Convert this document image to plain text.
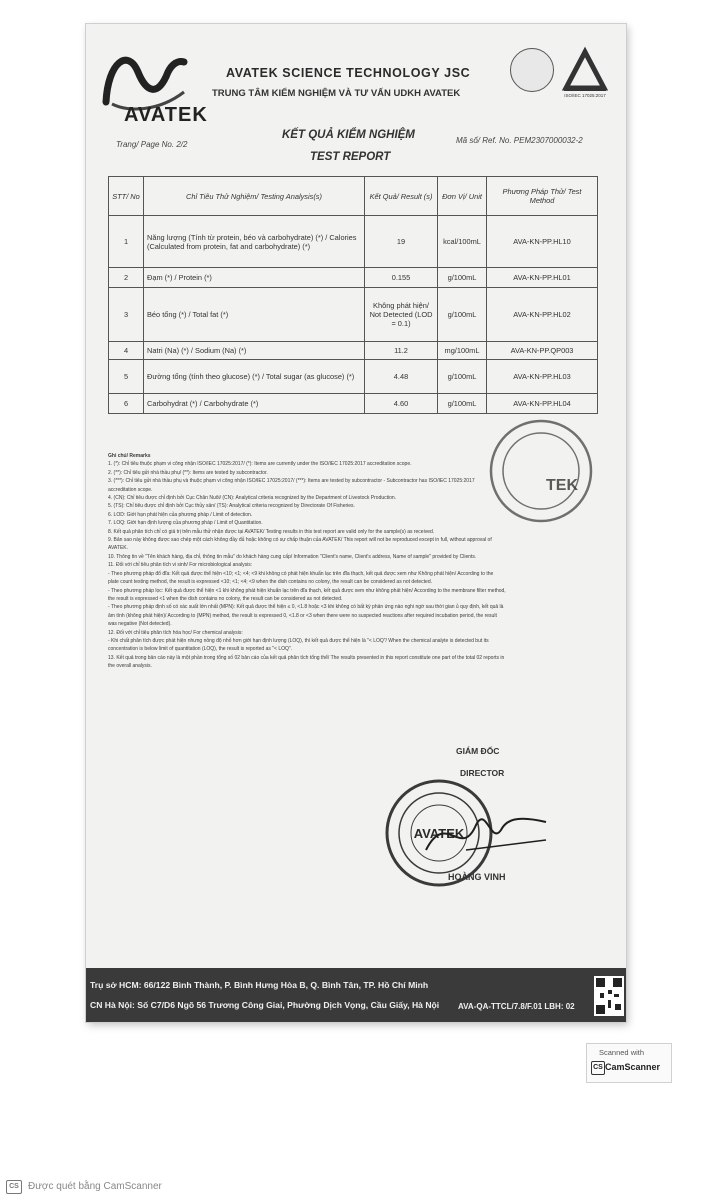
AVATEK
AVATEK SCIENCE TECHNOLOGY JSC
TRUNG TÂM KIỂM NGHIỆM VÀ TƯ VẤN UDKH AVATEK	ISO/IEC 17025:2017
Trang/ Page No. 2/2
KẾT QUẢ KIỂM NGHIỆM
TEST REPORT
Mã số/ Ref. No. PEM2307000032-2
STT/ No	Chỉ Tiêu Thử Nghiệm/ Testing Analysis(s)	Kết Quả/ Result (s)	Đơn Vị/ Unit	Phương Pháp Thử/ Test Method
1	Năng lượng (Tính từ protein, béo và carbohydrate) (*) / Calories (Calculated from protein, fat and carbohydrate) (*)	19	kcal/100mL	AVA-KN-PP.HL10
2	Đạm (*) / Protein (*)	0.155	g/100mL	AVA-KN-PP.HL01
3	Béo tổng (*) / Total fat (*)	Không phát hiện/ Not Detected (LOD = 0.1)	g/100mL	AVA-KN-PP.HL02
4	Natri (Na) (*) / Sodium (Na) (*)	11.2	mg/100mL	AVA-KN-PP.QP003
5	Đường tổng (tính theo glucose) (*) / Total sugar (as glucose) (*)	4.48	g/100mL	AVA-KN-PP.HL03
6	Carbohydrat (*) / Carbohydrate (*)	4.60	g/100mL	AVA-KN-PP.HL04
TEK
Ghi chú/ Remarks
1. (*): Chỉ tiêu thuộc phạm vi công nhận ISO/IEC 17025:2017/ (*): Items are currently under the ISO/IEC 17025:2017 accreditation scope.
2. (**): Chỉ tiêu gửi nhà thầu phụ/ (**): Items are tested by subcontractor.
3. (***): Chỉ tiêu gửi nhà thầu phụ và thuộc phạm vi công nhận ISO/IEC 17025:2017/ (***): Items are tested by subcontractor - Subcontractor has ISO/IEC 17025:2017
accreditation scope.
4. (CN): Chỉ tiêu được chỉ định bởi Cục Chăn Nuôi/ (CN): Analytical criteria recognized by the Department of Livestock Production.
5. (TS): Chỉ tiêu được chỉ định bởi Cục thủy sản/ (TS): Analytical criteria recognized by Directorate Of Fisheries.
6. LOD: Giới hạn phát hiện của phương pháp / Limit of detection.
7. LOQ: Giới hạn định lượng của phương pháp / Limit of Quantitation.
8. Kết quả phân tích chỉ có giá trị trên mẫu thử nhận được tại AVATEK/ Testing results in this test report are valid only for the sample(s) as received.
9. Bản sao này không được sao chép một cách không đầy đủ hoặc không có sự chấp thuận của AVATEK/ This report will not be reproduced except in full, without approval of
AVATEK.
10. Thông tin về "Tên khách hàng, địa chỉ, thông tin mẫu" do khách hàng cung cấp/ Information "Client's name, Client's address, Name of sample" provided by Clients.
11. Đối với chỉ tiêu phân tích vi sinh/ For microbiological analysis:
- Theo phương pháp đổ đĩa: Kết quả được thể hiện <10; <1; <4; <9 khi không có phát hiện khuẩn lạc trên đĩa thạch, kết quả được xem như Không phát hiện/ According to the
plate count testing method, the result is expressed <10; <1; <4; <9 when the dish contains no colony, the result can be considered as not detected.
- Theo phương pháp lọc: Kết quả được thể hiện <1 khi không phát hiện khuẩn lạc trên đĩa thạch, kết quả được xem như không phát hiện/ According to the membrane filter method,
the result is expressed <1 when the dish contains no colony, the result can be considered as not detected.
- Theo phương pháp định số có xác suất lớn nhất (MPN): Kết quả được thể hiện ≤ 0, <1.8 hoặc <3 khi không có bất kỳ phản ứng nào nghi ngờ sau thời gian ủ quy định, kết quả là
âm tính (không phát hiện)/ According to (MPN) method, the result is expressed 0, <1.8 or <3 when there were no suspected reactions after required incubation period, the result
was negative (Not detected).
12. Đối với chỉ tiêu phân tích hóa học/ For chemical analysis:
- Khi chất phân tích được phát hiện nhưng nồng độ nhỏ hơn giới hạn định lượng (LOQ), thì kết quả được thể hiện là "< LOQ"/ When the chemical analyte is detected but its
concentration is below limit of quantitation (LOQ), the result is reported as "< LOQ".
13. Kết quả trong bản cáo này là một phần trong tổng số 02 bản cáo của kết quả phân tích tổng thể/ The results presented in this report constitute one part of the total 02 reports in
the overall analysis.
GIÁM ĐỐC
DIRECTOR
AVATEK
HOÀNG VINH
Trụ sở HCM: 66/122 Bình Thành, P. Bình Hưng Hòa B, Q. Bình Tân, TP. Hồ Chí Minh
CN Hà Nội: Số C7/D6 Ngõ 56 Trương Công Giai, Phường Dịch Vọng, Cầu Giấy, Hà Nội AVA-QA-TTCL/7.8/F.01 LBH: 02
Scanned with
CS CamScanner
CS Được quét bằng CamScanner
